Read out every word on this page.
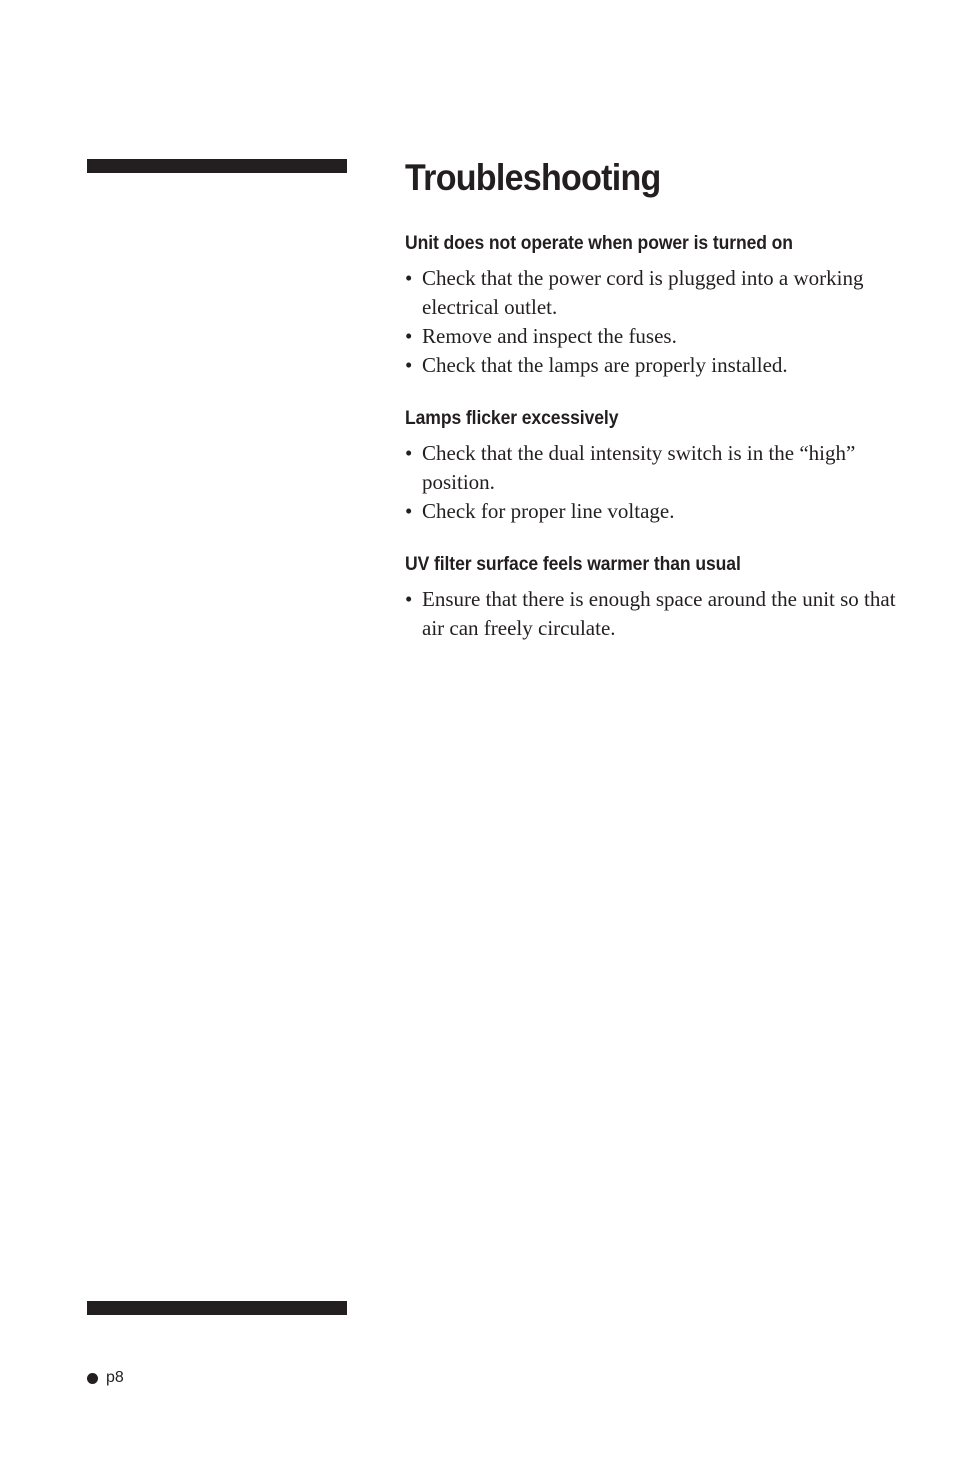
Troubleshooting
Unit does not operate when power is turned on
• Check that the power cord is plugged into a working electrical outlet.
• Remove and inspect the fuses.
• Check that the lamps are properly installed.
Lamps flicker excessively
• Check that the dual intensity switch is in the “high” position.
• Check for proper line voltage.
UV filter surface feels warmer than usual
• Ensure that there is enough space around the unit so that air can freely circulate.
p8
